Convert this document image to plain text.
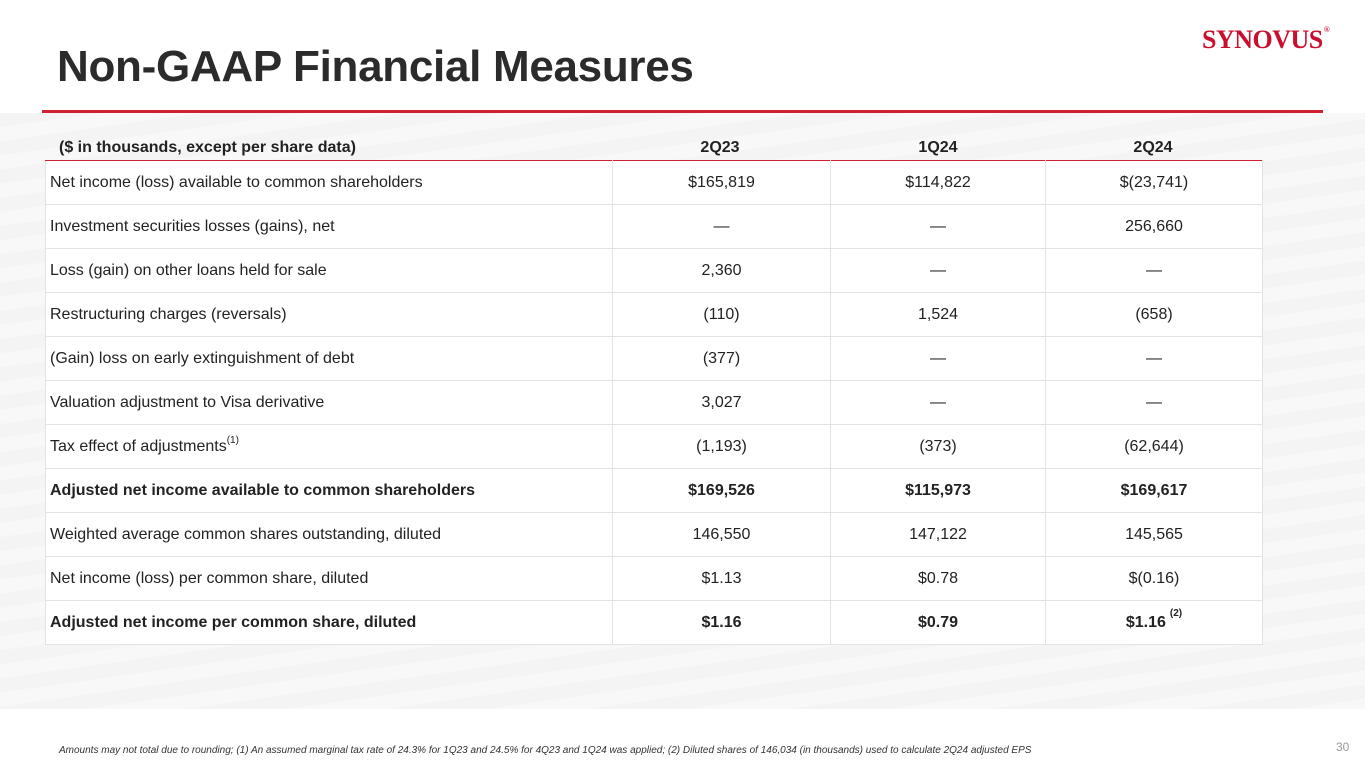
Non-GAAP Financial Measures
SYNOVUS®
($ in thousands, except per share data)	2Q23	1Q24	2Q24
Net income (loss) available to common shareholders	$165,819	$114,822	$(23,741)
Investment securities losses (gains), net	—	—	256,660
Loss (gain) on other loans held for sale	2,360	—	—
Restructuring charges (reversals)	(110)	1,524	(658)
(Gain) loss on early extinguishment of debt	(377)	—	—
Valuation adjustment to Visa derivative	3,027	—	—
Tax effect of adjustments$^{(1)}$	(1,193)	(373)	(62,644)
Adjusted net income available to common shareholders	$169,526	$115,973	$169,617
Weighted average common shares outstanding, diluted	146,550	147,122	145,565
Net income (loss) per common share, diluted	$1.13	$0.78	$(0.16)
Adjusted net income per common share, diluted	$1.16	$0.79	$1.16$^{(2)}$
Amounts may not total due to rounding; (1) An assumed marginal tax rate of 24.3% for 1Q23 and 24.5% for 4Q23 and 1Q24 was applied; (2) Diluted shares of 146,034 (in thousands) used to calculate 2Q24 adjusted EPS	30
